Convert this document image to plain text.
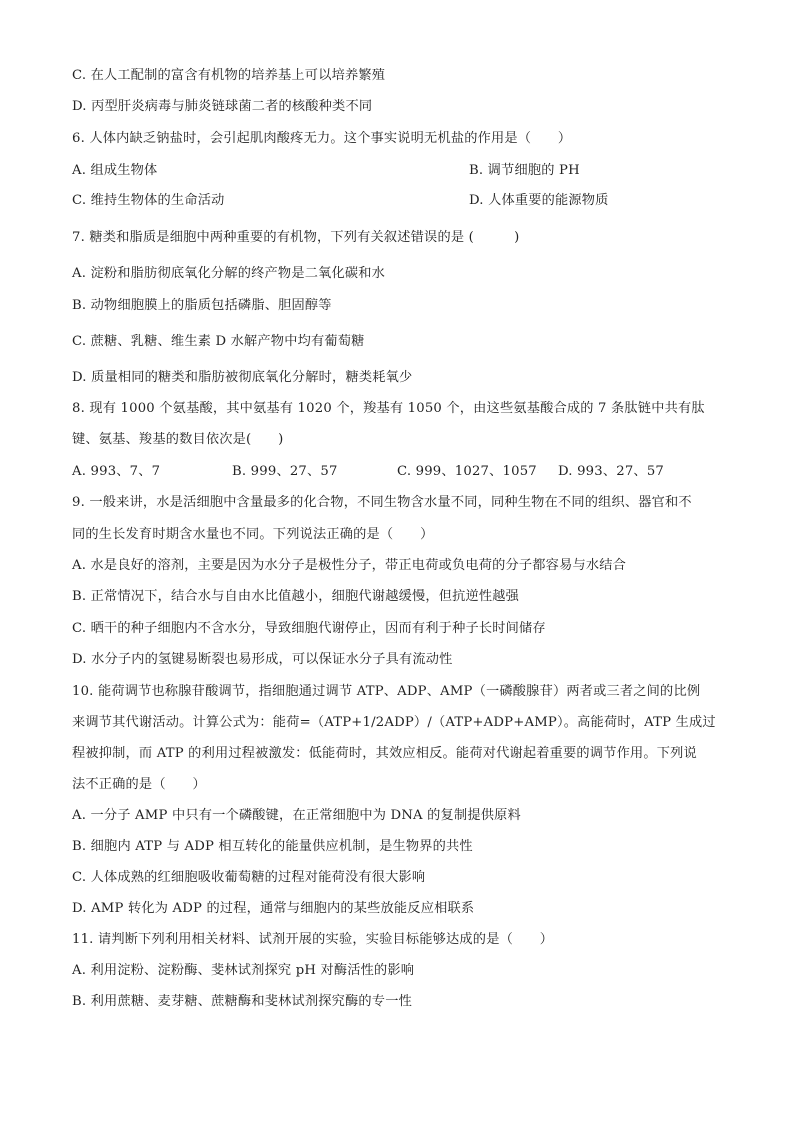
C. 在人工配制的富含有机物的培养基上可以培养繁殖
D. 丙型肝炎病毒与肺炎链球菌二者的核酸种类不同
6. 人体内缺乏钠盐时，会引起肌肉酸疼无力。这个事实说明无机盐的作用是（　　）
A. 组成生物体	B. 调节细胞的 PH
C. 维持生物体的生命活动	D. 人体重要的能源物质
7. 糖类和脂质是细胞中两种重要的有机物，下列有关叙述错误的是 (　　　)
A. 淀粉和脂肪彻底氧化分解的终产物是二氧化碳和水
B. 动物细胞膜上的脂质包括磷脂、胆固醇等
C. 蔗糖、乳糖、维生素 D 水解产物中均有葡萄糖
D. 质量相同的糖类和脂肪被彻底氧化分解时，糖类耗氧少
8. 现有 1000 个氨基酸，其中氨基有 1020 个，羧基有 1050 个，由这些氨基酸合成的 7 条肽链中共有肽
键、氨基、羧基的数目依次是(　　)
A. 993、7、7	B. 999、27、57	C. 999、1027、1057 D. 993、27、57
9. 一般来讲，水是活细胞中含量最多的化合物，不同生物含水量不同，同种生物在不同的组织、器官和不
同的生长发育时期含水量也不同。下列说法正确的是（　　）
A. 水是良好的溶剂，主要是因为水分子是极性分子，带正电荷或负电荷的分子都容易与水结合
B. 正常情况下，结合水与自由水比值越小，细胞代谢越缓慢，但抗逆性越强
C. 晒干的种子细胞内不含水分，导致细胞代谢停止，因而有利于种子长时间储存
D. 水分子内的氢键易断裂也易形成，可以保证水分子具有流动性
10. 能荷调节也称腺苷酸调节，指细胞通过调节 ATP、ADP、AMP（一磷酸腺苷）两者或三者之间的比例
来调节其代谢活动。计算公式为：能荷=（ATP+1/2ADP）/（ATP+ADP+AMP）。高能荷时，ATP 生成过
程被抑制，而 ATP 的利用过程被激发：低能荷时，其效应相反。能荷对代谢起着重要的调节作用。下列说
法不正确的是（　　）
A. 一分子 AMP 中只有一个磷酸键，在正常细胞中为 DNA 的复制提供原料
B. 细胞内 ATP 与 ADP 相互转化的能量供应机制，是生物界的共性
C. 人体成熟的红细胞吸收葡萄糖的过程对能荷没有很大影响
D. AMP 转化为 ADP 的过程，通常与细胞内的某些放能反应相联系
11. 请判断下列利用相关材料、试剂开展的实验，实验目标能够达成的是（　　）
A. 利用淀粉、淀粉酶、斐林试剂探究 pH 对酶活性的影响
B. 利用蔗糖、麦芽糖、蔗糖酶和斐林试剂探究酶的专一性
